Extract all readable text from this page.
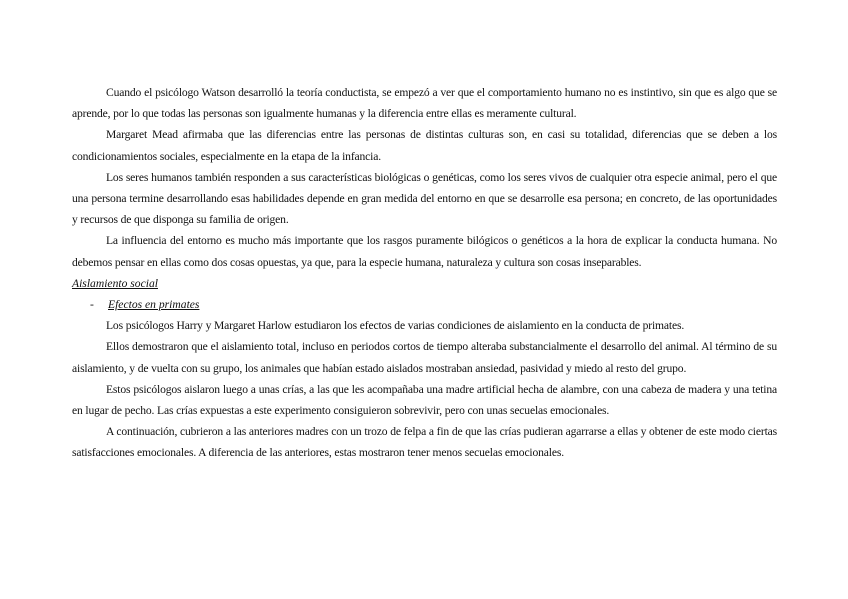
Cuando el psicólogo Watson desarrolló la teoría conductista, se empezó a ver que el comportamiento humano no es instintivo, sin que es algo que se aprende, por lo que todas las personas son igualmente humanas y la diferencia entre ellas es meramente cultural.

Margaret Mead afirmaba que las diferencias entre las personas de distintas culturas son, en casi su totalidad, diferencias que se deben a los condicionamientos sociales, especialmente en la etapa de la infancia.

Los seres humanos también responden a sus características biológicas o genéticas, como los seres vivos de cualquier otra especie animal, pero el que una persona termine desarrollando esas habilidades depende en gran medida del entorno en que se desarrolle esa persona; en concreto, de las oportunidades y recursos de que disponga su familia de origen.

La influencia del entorno es mucho más importante que los rasgos puramente bilógicos o genéticos a la hora de explicar la conducta humana. No debemos pensar en ellas como dos cosas opuestas, ya que, para la especie humana, naturaleza y cultura son cosas inseparables.

Aislamiento social

- Efectos en primates

Los psicólogos Harry y Margaret Harlow estudiaron los efectos de varias condiciones de aislamiento en la conducta de primates.

Ellos demostraron que el aislamiento total, incluso en periodos cortos de tiempo alteraba substancialmente el desarrollo del animal. Al término de su aislamiento, y de vuelta con su grupo, los animales que habían estado aislados mostraban ansiedad, pasividad y miedo al resto del grupo.

Estos psicólogos aislaron luego a unas crías, a las que les acompañaba una madre artificial hecha de alambre, con una cabeza de madera y una tetina en lugar de pecho. Las crías expuestas a este experimento consiguieron sobrevivir, pero con unas secuelas emocionales.

A continuación, cubrieron a las anteriores madres con un trozo de felpa a fin de que las crías pudieran agarrarse a ellas y obtener de este modo ciertas satisfacciones emocionales. A diferencia de las anteriores, estas mostraron tener menos secuelas emocionales.
